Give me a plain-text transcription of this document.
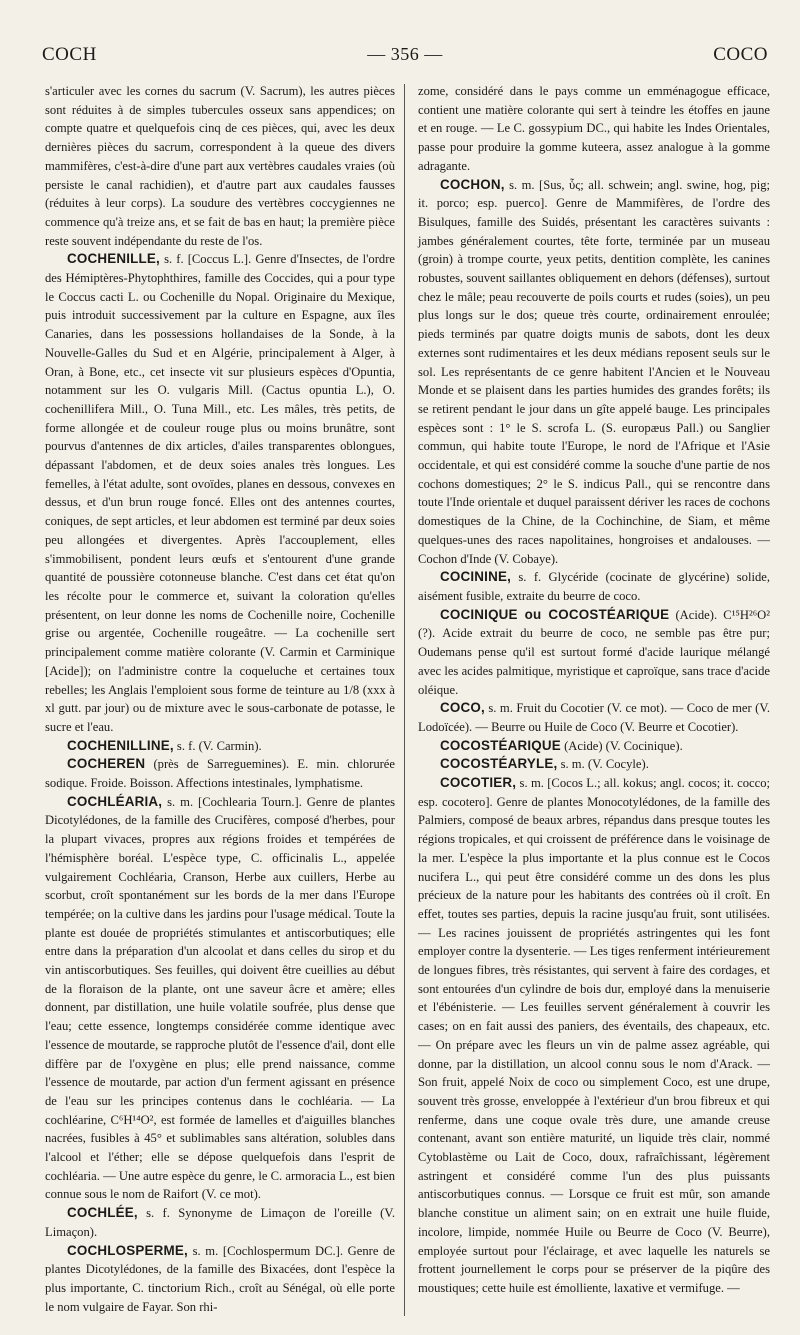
COCH	— 356 —	COCO

s'articuler avec les cornes du sacrum (V. Sacrum), les autres pièces sont réduites à de simples tubercules osseux sans appendices; on compte quatre et quelquefois cinq de ces pièces, qui, avec les deux dernières pièces du sacrum, correspondent à la queue des divers mammifères, c'est-à-dire d'une part aux vertèbres caudales vraies (où persiste le canal rachidien), et d'autre part aux caudales fausses (réduites à leur corps). La soudure des vertèbres coccygiennes ne commence qu'à treize ans, et se fait de bas en haut; la première pièce reste souvent indépendante du reste de l'os.

COCHENILLE, s. f. [Coccus L.]. Genre d'Insectes, de l'ordre des Hémiptères-Phytophthires, famille des Coccides, qui a pour type le Coccus cacti L. ou Cochenille du Nopal. Originaire du Mexique, puis introduit successivement par la culture en Espagne, aux îles Canaries, dans les possessions hollandaises de la Sonde, à la Nouvelle-Galles du Sud et en Algérie, principalement à Alger, à Oran, à Bone, etc., cet insecte vit sur plusieurs espèces d'Opuntia, notamment sur les O. vulgaris Mill. (Cactus opuntia L.), O. cochenillifera Mill., O. Tuna Mill., etc. Les mâles, très petits, de forme allongée et de couleur rouge plus ou moins brunâtre, sont pourvus d'antennes de dix articles, d'ailes transparentes oblongues, dépassant l'abdomen, et de deux soies anales très longues. Les femelles, à l'état adulte, sont ovoïdes, planes en dessous, convexes en dessus, et d'un brun rouge foncé. Elles ont des antennes courtes, coniques, de sept articles, et leur abdomen est terminé par deux soies peu allongées et divergentes. Après l'accouplement, elles s'immobilisent, pondent leurs œufs et s'entourent d'une grande quantité de poussière cotonneuse blanche. C'est dans cet état qu'on les récolte pour le commerce et, suivant la coloration qu'elles présentent, on leur donne les noms de Cochenille noire, Cochenille grise ou argentée, Cochenille rougeâtre. — La cochenille sert principalement comme matière colorante (V. Carmin et Carminique [Acide]); on l'administre contre la coqueluche et certaines toux rebelles; les Anglais l'emploient sous forme de teinture au 1/8 (xxx à xl gutt. par jour) ou de mixture avec le sous-carbonate de potasse, le sucre et l'eau.

COCHENILLINE, s. f. (V. Carmin).

COCHEREN (près de Sarreguemines). E. min. chlorurée sodique. Froide. Boisson. Affections intestinales, lymphatisme.

COCHLÉARIA, s. m. [Cochlearia Tourn.]. Genre de plantes Dicotylédones, de la famille des Crucifères, composé d'herbes, pour la plupart vivaces, propres aux régions froides et tempérées de l'hémisphère boréal. L'espèce type, C. officinalis L., appelée vulgairement Cochléaria, Cranson, Herbe aux cuillers, Herbe au scorbut, croît spontanément sur les bords de la mer dans l'Europe tempérée; on la cultive dans les jardins pour l'usage médical. Toute la plante est douée de propriétés stimulantes et antiscorbutiques; elle entre dans la préparation d'un alcoolat et dans celles du sirop et du vin antiscorbutiques. Ses feuilles, qui doivent être cueillies au début de la floraison de la plante, ont une saveur âcre et amère; elles donnent, par distillation, une huile volatile soufrée, plus dense que l'eau; cette essence, longtemps considérée comme identique avec l'essence de moutarde, se rapproche plutôt de l'essence d'ail, dont elle diffère par de l'oxygène en plus; elle prend naissance, comme l'essence de moutarde, par action d'un ferment agissant en présence de l'eau sur les principes contenus dans le cochléaria. — La cochléarine, C⁶H¹⁴O², est formée de lamelles et d'aiguilles blanches nacrées, fusibles à 45° et sublimables sans altération, solubles dans l'alcool et l'éther; elle se dépose quelquefois dans l'esprit de cochléaria. — Une autre espèce du genre, le C. armoracia L., est bien connue sous le nom de Raifort (V. ce mot).

COCHLÉE, s. f. Synonyme de Limaçon de l'oreille (V. Limaçon).

COCHLOSPERME, s. m. [Cochlospermum DC.]. Genre de plantes Dicotylédones, de la famille des Bixacées, dont l'espèce la plus importante, C. tinctorium Rich., croît au Sénégal, où elle porte le nom vulgaire de Fayar. Son rhi-

zome, considéré dans le pays comme un emménagogue efficace, contient une matière colorante qui sert à teindre les étoffes en jaune et en rouge. — Le C. gossypium DC., qui habite les Indes Orientales, passe pour produire la gomme kuteera, assez analogue à la gomme adragante.

COCHON, s. m. [Sus, ὗς; all. schwein; angl. swine, hog, pig; it. porco; esp. puerco]. Genre de Mammifères, de l'ordre des Bisulques, famille des Suidés, présentant les caractères suivants : jambes généralement courtes, tête forte, terminée par un museau (groin) à trompe courte, yeux petits, dentition complète, les canines robustes, souvent saillantes obliquement en dehors (défenses), surtout chez le mâle; peau recouverte de poils courts et rudes (soies), un peu plus longs sur le dos; queue très courte, ordinairement enroulée; pieds terminés par quatre doigts munis de sabots, dont les deux externes sont rudimentaires et les deux médians reposent seuls sur le sol. Les représentants de ce genre habitent l'Ancien et le Nouveau Monde et se plaisent dans les parties humides des grandes forêts; ils se retirent pendant le jour dans un gîte appelé bauge. Les principales espèces sont : 1° le S. scrofa L. (S. europæus Pall.) ou Sanglier commun, qui habite toute l'Europe, le nord de l'Afrique et l'Asie occidentale, et qui est considéré comme la souche d'une partie de nos cochons domestiques; 2° le S. indicus Pall., qui se rencontre dans toute l'Inde orientale et duquel paraissent dériver les races de cochons domestiques de la Chine, de la Cochinchine, de Siam, et même quelques-unes des races napolitaines, hongroises et andalouses. — Cochon d'Inde (V. Cobaye).

COCININE, s. f. Glycéride (cocinate de glycérine) solide, aisément fusible, extraite du beurre de coco.

COCINIQUE ou COCOSTÉARIQUE (Acide). C¹⁵H²⁶O² (?). Acide extrait du beurre de coco, ne semble pas être pur; Oudemans pense qu'il est surtout formé d'acide laurique mélangé avec les acides palmitique, myristique et caproïque, sans trace d'acide oléique.

COCO, s. m. Fruit du Cocotier (V. ce mot). — Coco de mer (V. Lodoïcée). — Beurre ou Huile de Coco (V. Beurre et Cocotier).

COCOSTÉARIQUE (Acide) (V. Cocinique).

COCOSTÉARYLE, s. m. (V. Cocyle).

COCOTIER, s. m. [Cocos L.; all. kokus; angl. cocos; it. cocco; esp. cocotero]. Genre de plantes Monocotylédones, de la famille des Palmiers, composé de beaux arbres, répandus dans presque toutes les régions tropicales, et qui croissent de préférence dans le voisinage de la mer. L'espèce la plus importante et la plus connue est le Cocos nucifera L., qui peut être considéré comme un des dons les plus précieux de la nature pour les habitants des contrées où il croît. En effet, toutes ses parties, depuis la racine jusqu'au fruit, sont utilisées. — Les racines jouissent de propriétés astringentes qui les font employer contre la dysenterie. — Les tiges renferment intérieurement de longues fibres, très résistantes, qui servent à faire des cordages, et sont entourées d'un cylindre de bois dur, employé dans la menuiserie et l'ébénisterie. — Les feuilles servent généralement à couvrir les cases; on en fait aussi des paniers, des éventails, des chapeaux, etc. — On prépare avec les fleurs un vin de palme assez agréable, qui donne, par la distillation, un alcool connu sous le nom d'Arack. — Son fruit, appelé Noix de coco ou simplement Coco, est une drupe, souvent très grosse, enveloppée à l'extérieur d'un brou fibreux et qui renferme, dans une coque ovale très dure, une amande creuse contenant, avant son entière maturité, un liquide très clair, nommé Cytoblastème ou Lait de Coco, doux, rafraîchissant, légèrement astringent et considéré comme l'un des plus puissants antiscorbutiques connus. — Lorsque ce fruit est mûr, son amande blanche constitue un aliment sain; on en extrait une huile fluide, incolore, limpide, nommée Huile ou Beurre de Coco (V. Beurre), employée surtout pour l'éclairage, et avec laquelle les naturels se frottent journellement le corps pour se préserver de la piqûre des moustiques; cette huile est émolliente, laxative et vermifuge. —
